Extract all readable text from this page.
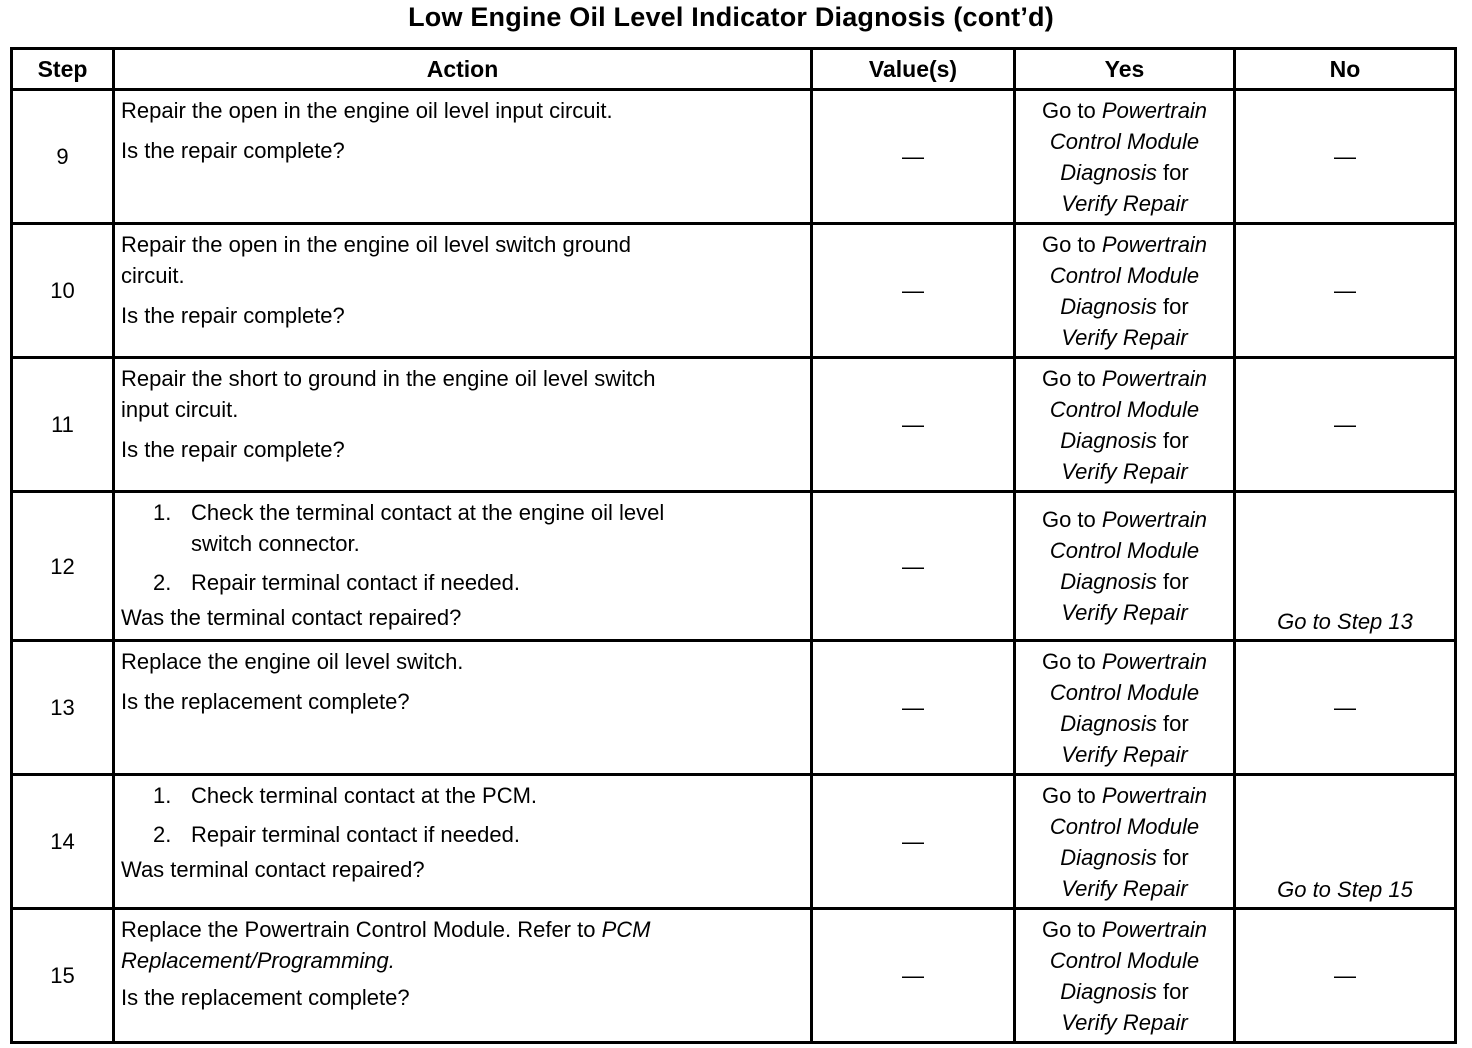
Low Engine Oil Level Indicator Diagnosis (cont’d)
Step	Action	Value(s)	Yes	No
9	Repair the open in the engine oil level input circuit.
Is the repair complete?	—	Go to Powertrain
Control Module
Diagnosis for
Verify Repair	—
10	Repair the open in the engine oil level switch ground
circuit.
Is the repair complete?	—	Go to Powertrain
Control Module
Diagnosis for
Verify Repair	—
11	Repair the short to ground in the engine oil level switch
input circuit.
Is the repair complete?	—	Go to Powertrain
Control Module
Diagnosis for
Verify Repair	—
12	1. Check the terminal contact at the engine oil level
switch connector.
2. Repair terminal contact if needed.
Was the terminal contact repaired?	—	Go to Powertrain
Control Module
Diagnosis for
Verify Repair	Go to Step 13
13	Replace the engine oil level switch.
Is the replacement complete?	—	Go to Powertrain
Control Module
Diagnosis for
Verify Repair	—
14	1. Check terminal contact at the PCM.
2. Repair terminal contact if needed.
Was terminal contact repaired?	—	Go to Powertrain
Control Module
Diagnosis for
Verify Repair	Go to Step 15
15	Replace the Powertrain Control Module. Refer to PCM
Replacement/Programming.
Is the replacement complete?	—	Go to Powertrain
Control Module
Diagnosis for
Verify Repair	—
